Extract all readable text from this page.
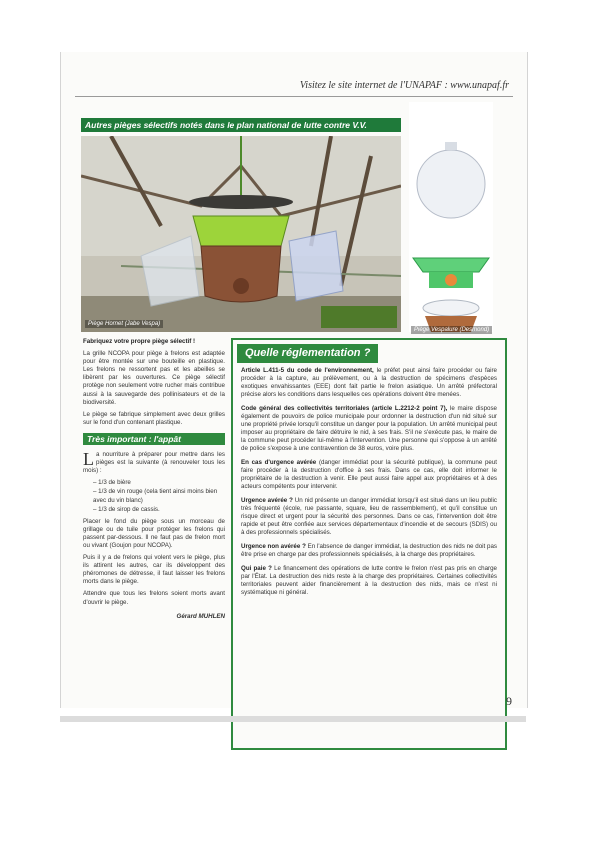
Visitez le site internet de l'UNAPAF : www.unapaf.fr
Autres pièges sélectifs notés dans le plan national de lutte contre V.V.
Piège Hornet (Jabe Vespa)
Piège Vespalure (Desmond)

Fabriquez votre propre piège sélectif !

La grille NCOPA pour piège à frelons est adaptée pour être montée sur une bouteille en plastique. Les frelons ne ressortent pas et les abeilles se libèrent par les ouvertures. Ce piège sélectif protège non seulement votre rucher mais contribue aussi à la sauvegarde des pollinisateurs et de la biodiversité.

Le piège se fabrique simplement avec deux grilles sur le fond d'un contenant plastique.

Très important : l'appât

La nourriture à préparer pour mettre dans les pièges est la suivante (à renouveler tous les mois) :

– 1/3 de bière
– 1/3 de vin rouge (cela tient ainsi moins bien avec du vin blanc)
– 1/3 de sirop de cassis.

Placer le fond du piège sous un morceau de grillage ou de tuile pour protéger les frelons qui passent par-dessous. Il ne faut pas de frelon mort ou vivant (Goujon pour NCOPA).

Puis il y a de frelons qui volent vers le piège, plus ils attirent les autres, car ils développent des phéromones de détresse, il faut laisser les frelons morts dans le piège.

Attendre que tous les frelons soient morts avant d'ouvrir le piège.

Gérard MUHLEN
Quelle réglementation ?

Article L.411-5 du code de l'environnement, le préfet peut ainsi faire procéder ou faire procéder à la capture, au prélèvement, ou à la destruction de spécimens d'espèces exotiques envahissantes (EEE) dont fait partie le frelon asiatique. Un arrêté préfectoral précise alors les conditions dans lesquelles ces opérations doivent être menées.

Code général des collectivités territoriales (article L.2212-2 point 7), le maire dispose également de pouvoirs de police municipale pour ordonner la destruction d'un nid situé sur une propriété privée lorsqu'il constitue un danger pour la population. Un arrêté municipal peut imposer au propriétaire de faire détruire le nid, à ses frais. S'il ne s'exécute pas, le maire de la commune peut procéder lui-même à l'intervention. Une personne qui s'oppose à un arrêté de police s'expose à une contravention de 38 euros, voire plus.

En cas d'urgence avérée (danger immédiat pour la sécurité publique), la commune peut faire procéder à la destruction d'office à ses frais. Dans ce cas, elle doit informer le propriétaire de la destruction à venir. Elle peut aussi faire appel aux propriétaires et à des acteurs compétents pour intervenir.

Urgence avérée ? Un nid présente un danger immédiat lorsqu'il est situé dans un lieu public très fréquenté (école, rue passante, square, lieu de rassemblement), et qu'il constitue un risque direct et urgent pour la sécurité des personnes. Dans ce cas, l'intervention doit être rapide et peut être confiée aux services départementaux d'incendie et de secours (SDIS) ou à des professionnels spécialisés.

Urgence non avérée ? En l'absence de danger immédiat, la destruction des nids ne doit pas être prise en charge par des professionnels spécialisés, à la charge des propriétaires.

Qui paie ? Le financement des opérations de lutte contre le frelon n'est pas pris en charge par l'État. La destruction des nids reste à la charge des propriétaires. Certaines collectivités territoriales peuvent aider financièrement à la destruction des nids, mais ce n'est ni systématique ni général.

9
